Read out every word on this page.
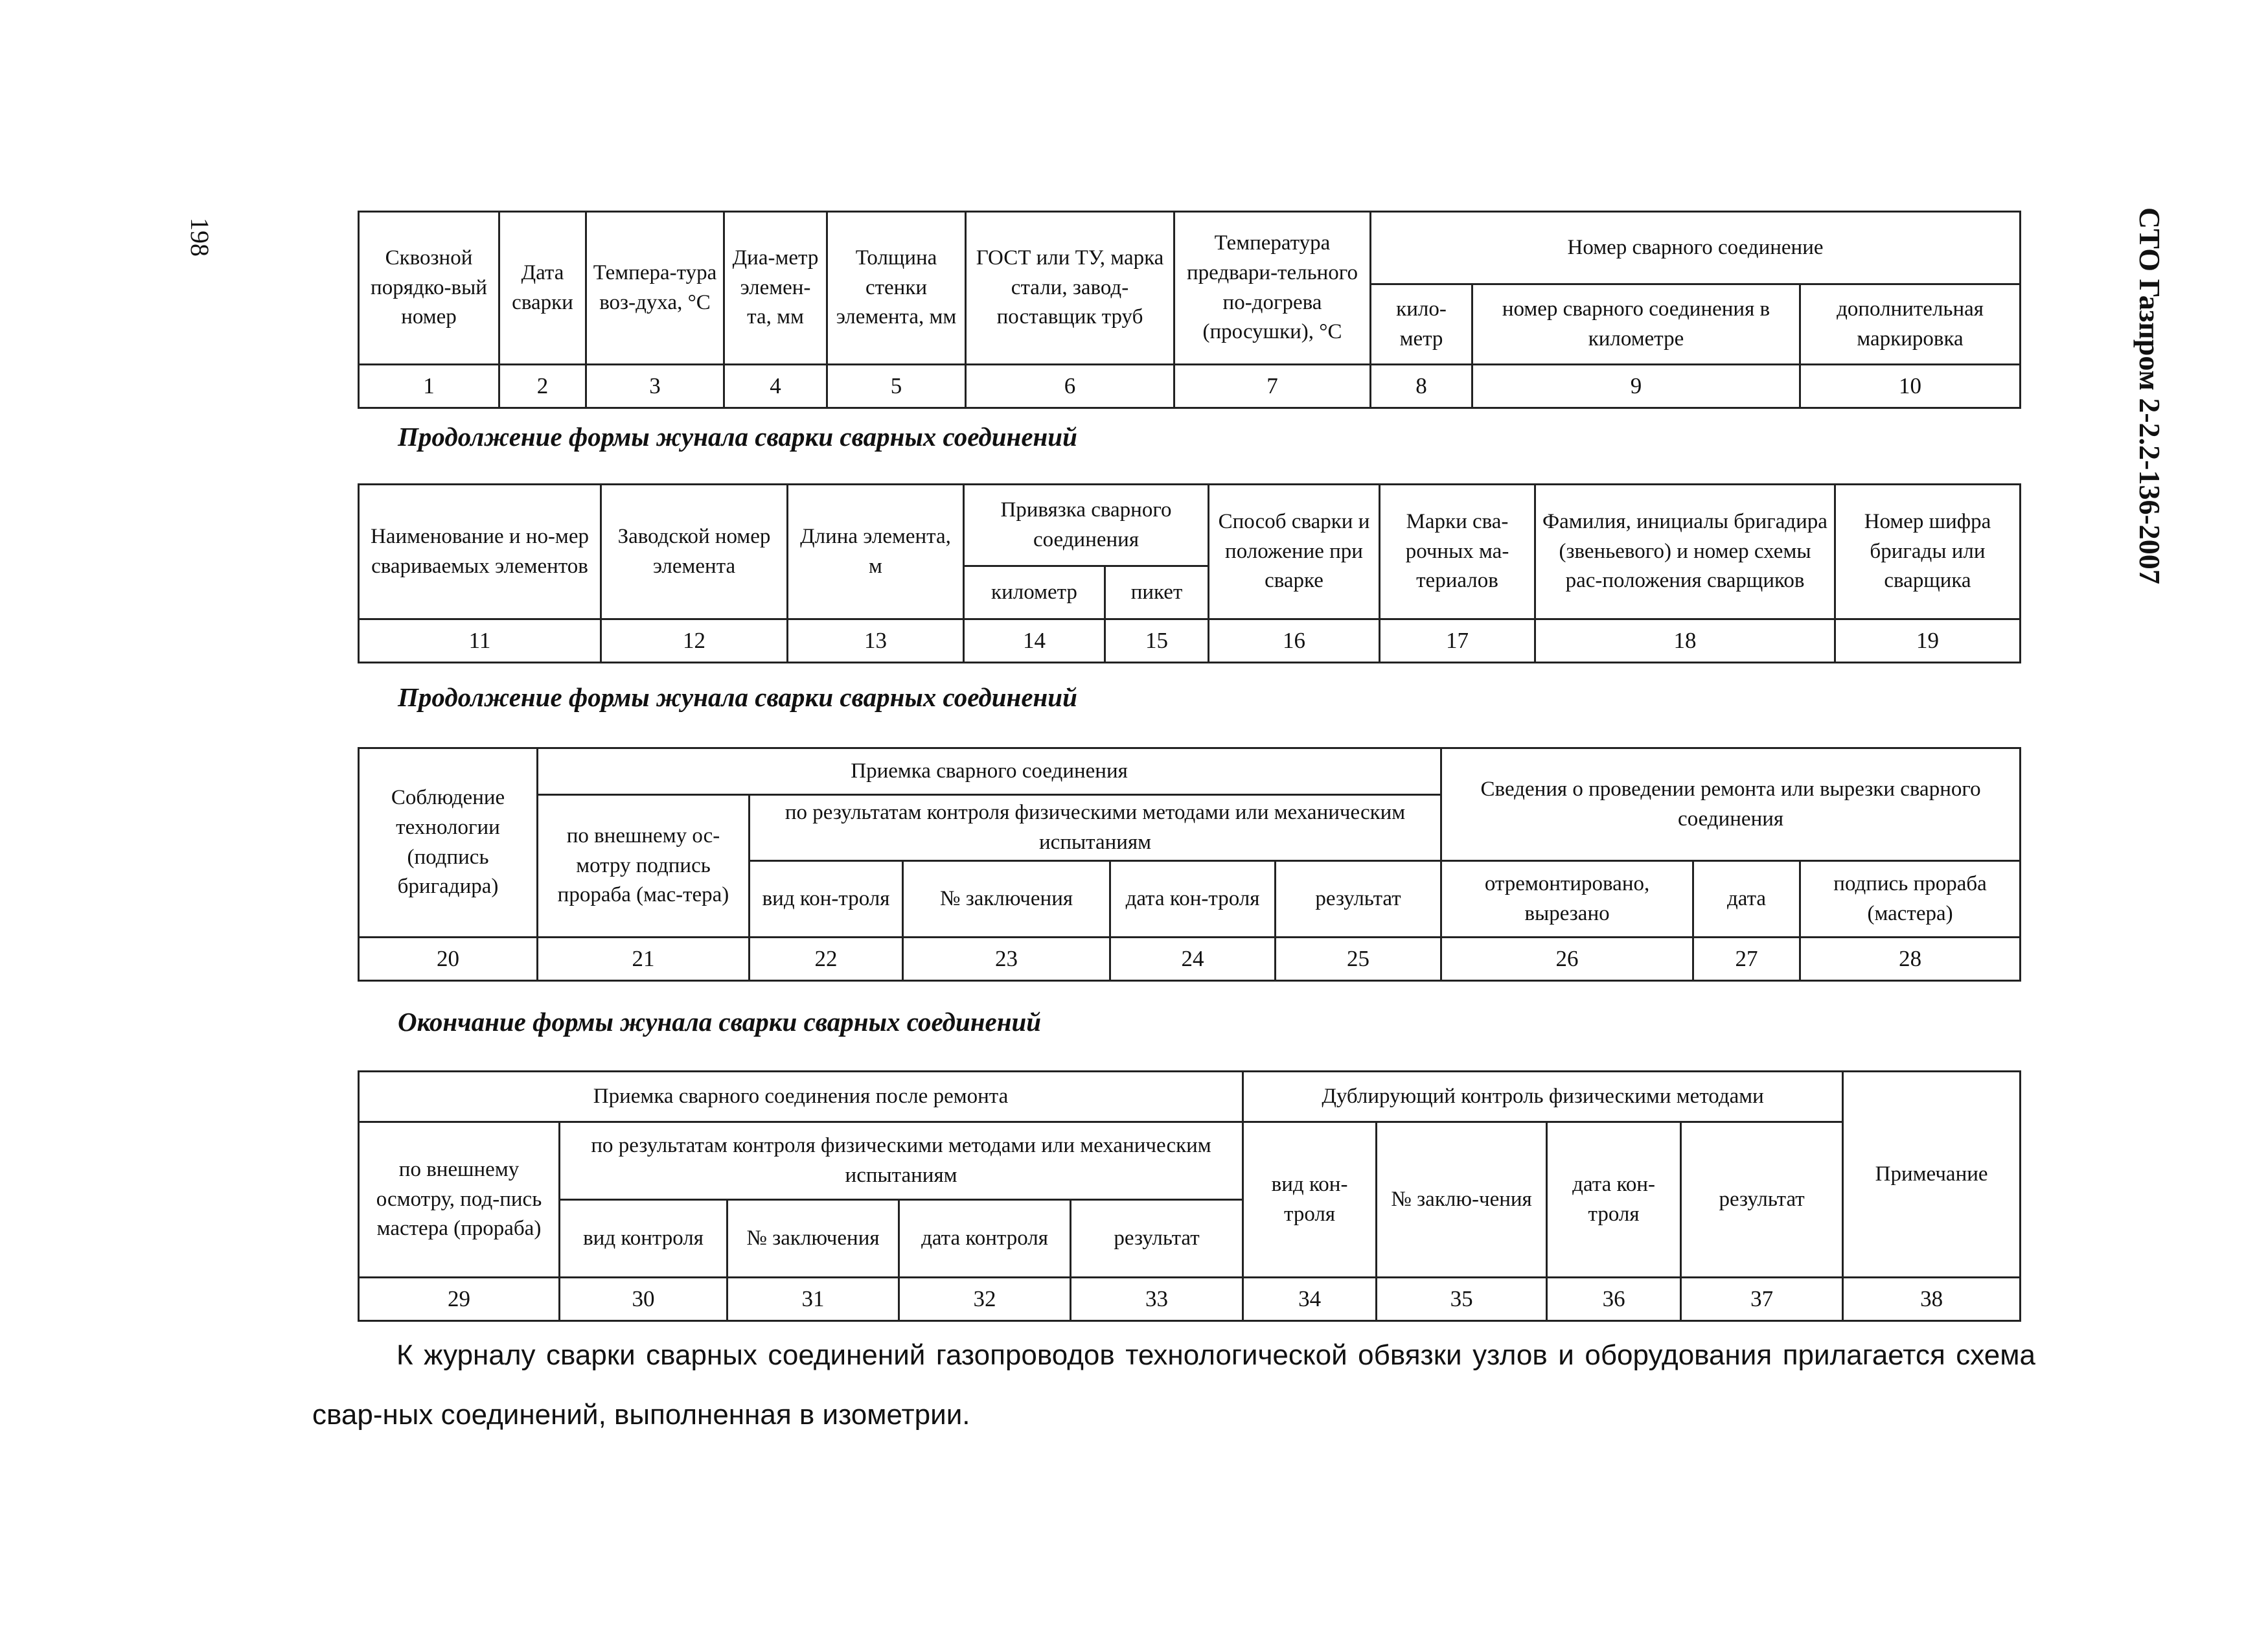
198	СТО Газпром 2-2.2-136-2007
Сквозной порядко-вый номер	Дата сварки	Темпера-тура воз-духа, °С	Диа-метр элемен-та, мм	Толщина стенки элемента, мм	ГОСТ или ТУ, марка стали, завод-поставщик труб	Температура предвари-тельного по-догрева (просушки), °С	Номер сварного соединение		
							кило-метр	номер сварного соединения в километре	дополнительная маркировка
1	2	3	4	5	6	7	8	9	10
Продолжение формы жунала сварки сварных соединений
Наименование и но-мер свариваемых элементов	Заводской номер элемента	Длина элемента, м	Привязка сварного соединения		Способ сварки и положение при сварке	Марки сва-рочных ма-териалов	Фамилия, инициалы бригадира (звеньевого) и номер схемы рас-положения сварщиков	Номер шифра бригады или сварщика
			километр	пикет				
11	12	13	14	15	16	17	18	19
Продолжение формы жунала сварки сварных соединений
Соблюдение технологии (подпись бригадира)	Приемка сварного соединения					Сведения о проведении ремонта или вырезки сварного соединения		
	по внешнему ос-мотру подпись прораба (мас-тера)	по результатам контроля физическими методами или механическим испытаниям						
		вид кон-троля	№ заключения	дата кон-троля	результат	отремонтировано, вырезано	дата	подпись прораба (мастера)
20	21	22	23	24	25	26	27	28
Окончание формы жунала сварки сварных соединений
Приемка сварного соединения после ремонта					Дублирующий контроль физическими методами				Примечание
по внешнему осмотру, под-пись мастера (прораба)	по результатам контроля физическими методами или механическим испытаниям				вид кон-троля	№ заклю-чения	дата кон-троля	результат	
	вид контроля	№ заключения	дата контроля	результат					
29	30	31	32	33	34	35	36	37	38
К журналу сварки сварных соединений газопроводов технологической обвязки узлов и оборудования прилагается схема свар-ных соединений, выполненная в изометрии.
